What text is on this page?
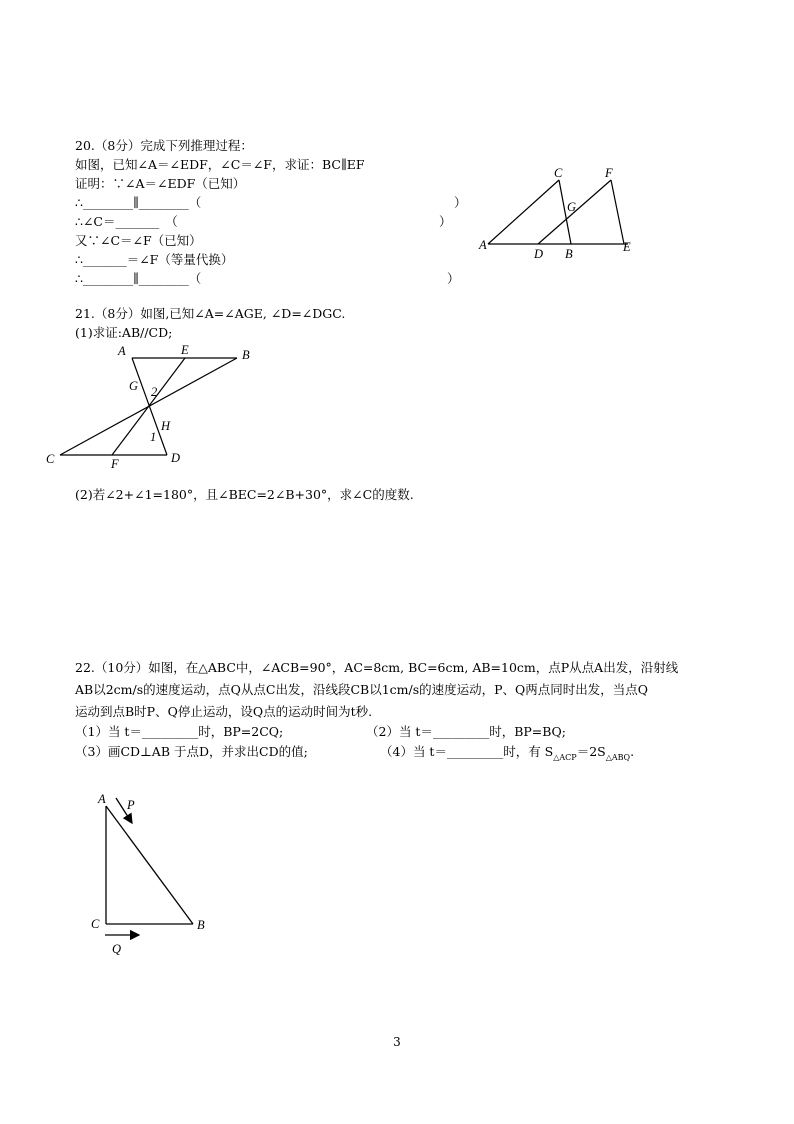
20.（8分）完成下列推理过程：
如图，已知∠A＝∠EDF，∠C＝∠F，求证：BC∥EF
证明：∵∠A＝∠EDF（已知）
∴________∥________（	）
∴∠C＝_______ （	）
又∵∠C＝∠F（已知）
∴_______＝∠F（等量代换）
∴________∥________（	）
A
C	F
G
D B	E
21.（8分）如图,已知∠A=∠AGE, ∠D=∠DGC.
(1)求证:AB//CD;
A	E	B
G 2
H
1
C	F	D
(2)若∠2+∠1=180°，且∠BEC=2∠B+30°，求∠C的度数.
22.（10分）如图，在△ABC中，∠ACB=90°，AC=8cm, BC=6cm, AB=10cm，点P从点A出发，沿射线
AB以2cm/s的速度运动，点Q从点C出发，沿线段CB以1cm/s的速度运动，P、Q两点同时出发，当点Q
运动到点B时P、Q停止运动，设Q点的运动时间为t秒.
（1）当 t＝_________时，BP=2CQ;	（2）当 t＝_________时，BP=BQ;
（3）画CD⊥AB 于点D，并求出CD的值;	（4）当 t＝_________时，有 $S_{\triangle ACP}=2S_{\triangle ABQ}$.
A P
C	B
Q
3
